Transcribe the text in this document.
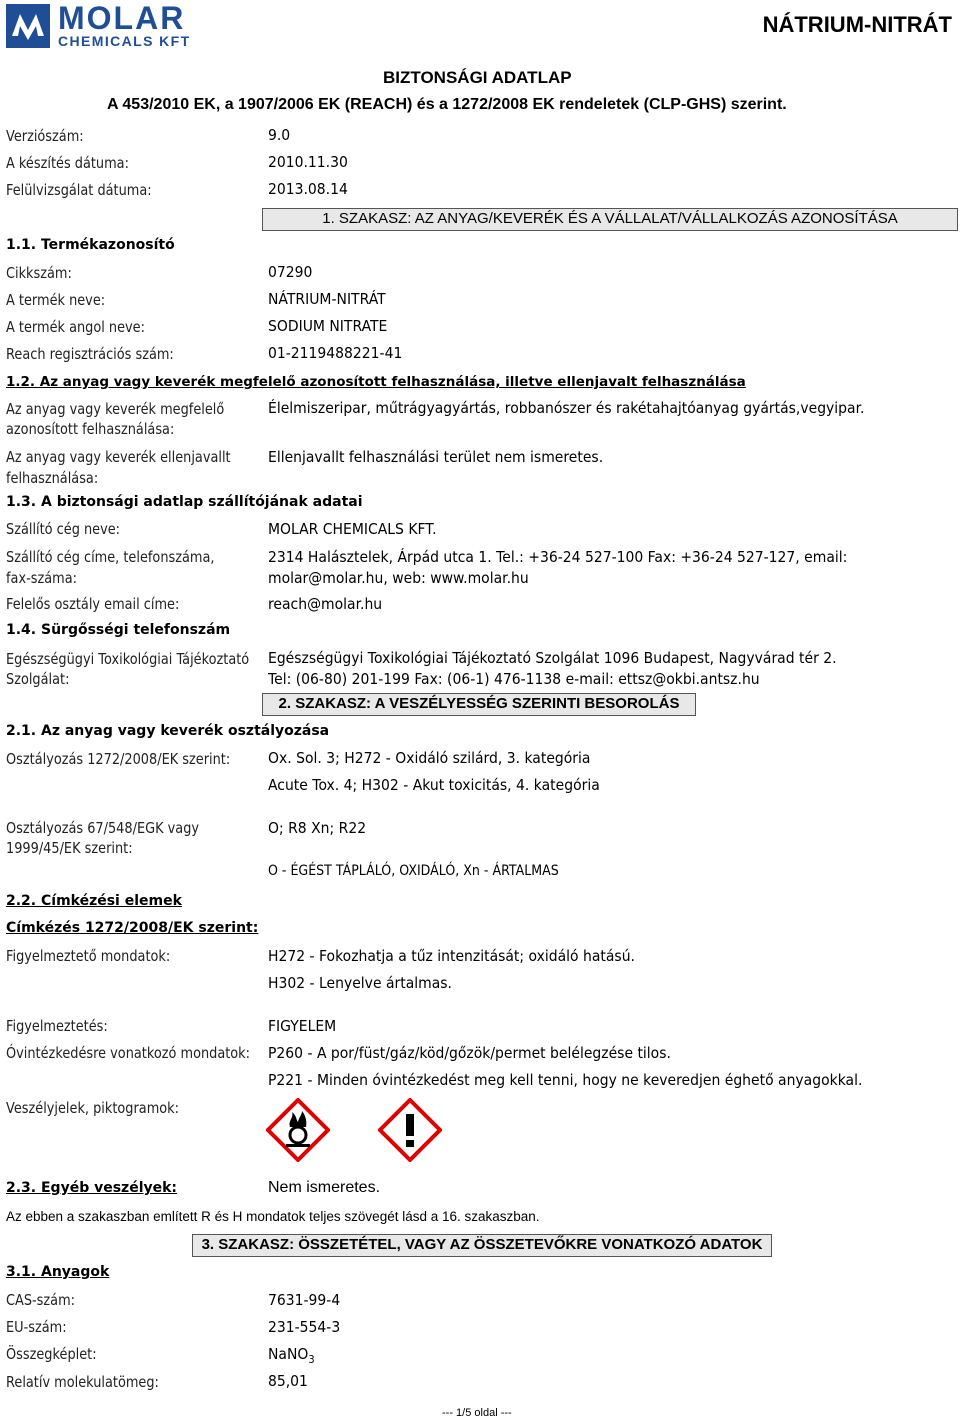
MOLAR
CHEMICALS KFT
NÁTRIUM-NITRÁT
BIZTONSÁGI ADATLAP
A 453/2010 EK, a 1907/2006 EK (REACH) és a 1272/2008 EK rendeletek (CLP-GHS) szerint.
Verziószám:	9.0
A készítés dátuma:	2010.11.30
Felülvizsgálat dátuma:	2013.08.14
1. SZAKASZ: AZ ANYAG/KEVERÉK ÉS A VÁLLALAT/VÁLLALKOZÁS AZONOSÍTÁSA
1.1. Termékazonosító
Cikkszám:	07290
A termék neve:	NÁTRIUM-NITRÁT
A termék angol neve:	SODIUM NITRATE
Reach regisztrációs szám:	01-2119488221-41
1.2. Az anyag vagy keverék megfelelő azonosított felhasználása, illetve ellenjavalt felhasználása
Az anyag vagy keverék megfelelő
azonosított felhasználása:
Élelmiszeripar, műtrágyagyártás, robbanószer és rakétahajtóanyag gyártás,vegyipar.
Az anyag vagy keverék ellenjavallt
felhasználása:
Ellenjavallt felhasználási terület nem ismeretes.
1.3. A biztonsági adatlap szállítójának adatai
Szállító cég neve:	MOLAR CHEMICALS KFT.
Szállító cég címe, telefonszáma,
fax-száma:
2314 Halásztelek, Árpád utca 1. Tel.: +36-24 527-100 Fax: +36-24 527-127, email:
molar@molar.hu, web: www.molar.hu
Felelős osztály email címe:	reach@molar.hu
1.4. Sürgősségi telefonszám
Egészségügyi Toxikológiai Tájékoztató
Szolgálat:
Egészségügyi Toxikológiai Tájékoztató Szolgálat 1096 Budapest, Nagyvárad tér 2.
Tel: (06-80) 201-199 Fax: (06-1) 476-1138 e-mail: ettsz@okbi.antsz.hu
2. SZAKASZ: A VESZÉLYESSÉG SZERINTI BESOROLÁS
2.1. Az anyag vagy keverék osztályozása
Osztályozás 1272/2008/EK szerint: Ox. Sol. 3; H272 - Oxidáló szilárd, 3. kategória
Acute Tox. 4; H302 - Akut toxicitás, 4. kategória
Osztályozás 67/548/EGK vagy
1999/45/EK szerint:
O; R8 Xn; R22
O - ÉGÉST TÁPLÁLÓ, OXIDÁLÓ, Xn - ÁRTALMAS
2.2. Címkézési elemek
Címkézés 1272/2008/EK szerint:
Figyelmeztető mondatok:	H272 - Fokozhatja a tűz intenzitását; oxidáló hatású.
H302 - Lenyelve ártalmas.
Figyelmeztetés:	FIGYELEM
Óvintézkedésre vonatkozó mondatok: P260 - A por/füst/gáz/köd/gőzök/permet belélegzése tilos.
P221 - Minden óvintézkedést meg kell tenni, hogy ne keveredjen éghető anyagokkal.
Veszélyjelek, piktogramok:
2.3. Egyéb veszélyek:	Nem ismeretes.
Az ebben a szakaszban említett R és H mondatok teljes szövegét lásd a 16. szakaszban.
3. SZAKASZ: ÖSSZETÉTEL, VAGY AZ ÖSSZETEVŐKRE VONATKOZÓ ADATOK
3.1. Anyagok
CAS-szám:	7631-99-4
EU-szám:	231-554-3
Összegképlet:	NaNO$_3$
Relatív molekulatömeg:	85,01
--- 1/5 oldal ---
